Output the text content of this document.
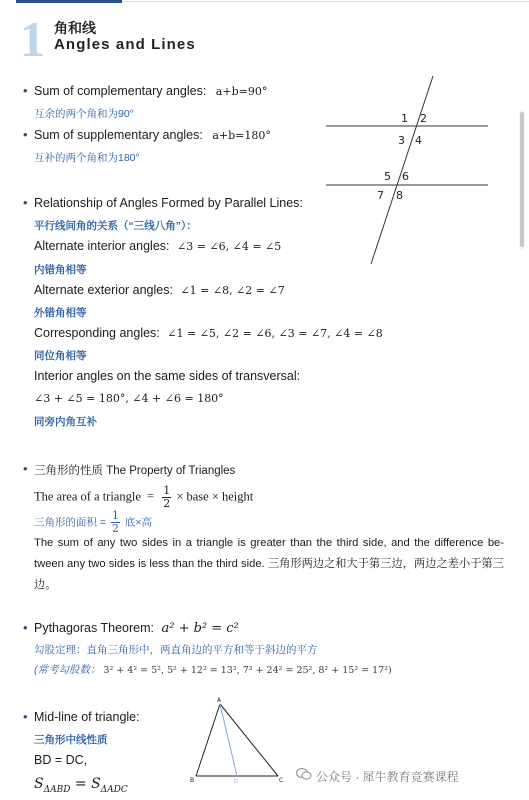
1 角和线
Angles and Lines
• Sum of complementary angles: a+b=90°
互余的两个角和为90°
• Sum of supplementary angles: a+b=180°
互补的两个角和为180°
1 2
3 4
5 6
7 8
• Relationship of Angles Formed by Parallel Lines:
平行线间角的关系（“三线八角”）：
Alternate interior angles: ∠3 = ∠6, ∠4 = ∠5
内错角相等
Alternate exterior angles: ∠1 = ∠8, ∠2 = ∠7
外错角相等
Corresponding angles: ∠1 = ∠5, ∠2 = ∠6, ∠3 = ∠7, ∠4 = ∠8
同位角相等
Interior angles on the same sides of transversal:
∠3 + ∠5 = 180°, ∠4 + ∠6 = 180°
同旁内角互补
• 三角形的性质 The Property of Triangles
The area of a triangle = $\frac{1}{2}$ × base × height
三角形的面积 = $\frac{1}{2}$ 底×高
The sum of any two sides in a triangle is greater than the third side, and the difference be-tween any two sides is less than the third side. 三角形两边之和大于第三边，两边之差小于第三边。
• Pythagoras Theorem: a² + b² = c²
勾股定理：直角三角形中，两直角边的平方和等于斜边的平方
(常考勾股数： 3² + 4² = 5², 5² + 12² = 13², 7² + 24² = 25², 8² + 15² = 17²)
• Mid-line of triangle:
三角形中线性质
BD = DC,
$S_{\Delta ABD} = S_{\Delta ADC}$
A
B	D	C	公众号 · 犀牛教育竞赛课程
